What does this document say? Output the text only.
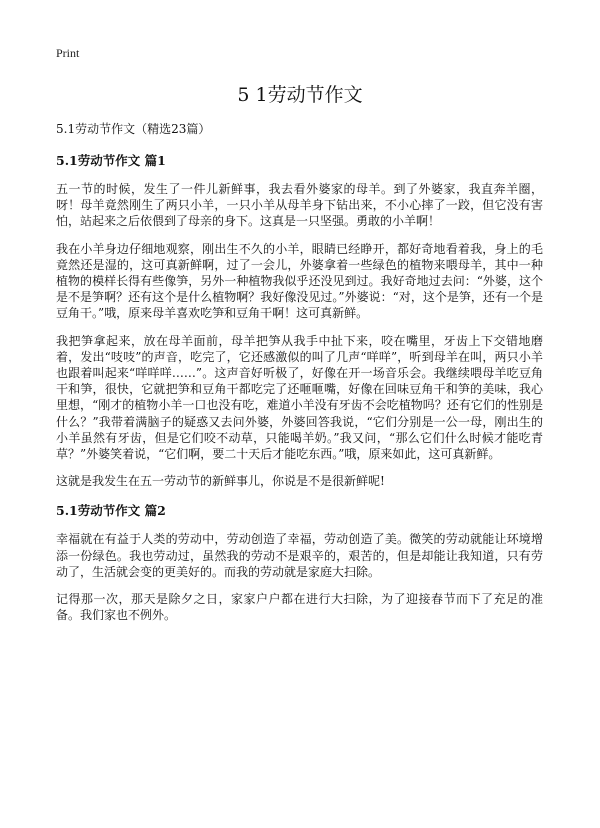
Print
5 1劳动节作文

5.1劳动节作文（精选23篇）

5.1劳动节作文 篇1

五一节的时候，发生了一件儿新鲜事，我去看外婆家的母羊。到了外婆家，我直奔羊圈，呀！母羊竟然刚生了两只小羊，一只小羊从母羊身下钻出来，不小心摔了一跤，但它没有害怕，站起来之后依偎到了母亲的身下。这真是一只坚强。勇敢的小羊啊！

我在小羊身边仔细地观察，刚出生不久的小羊，眼睛已经睁开，都好奇地看着我，身上的毛竟然还是湿的，这可真新鲜啊，过了一会儿，外婆拿着一些绿色的植物来喂母羊，其中一种植物的模样长得有些像笋，另外一种植物我似乎还没见到过。我好奇地过去问：“外婆，这个是不是笋啊？还有这个是什么植物啊？我好像没见过。”外婆说：“对，这个是笋，还有一个是豆角干。”哦，原来母羊喜欢吃笋和豆角干啊！这可真新鲜。

我把笋拿起来，放在母羊面前，母羊把笋从我手中扯下来，咬在嘴里，牙齿上下交错地磨着，发出“吱吱”的声音，吃完了，它还感激似的叫了几声“咩咩”，听到母羊在叫，两只小羊也跟着叫起来“咩咩咩……”。这声音好听极了，好像在开一场音乐会。我继续喂母羊吃豆角干和笋，很快，它就把笋和豆角干都吃完了还咂咂嘴，好像在回味豆角干和笋的美味，我心里想，“刚才的植物小羊一口也没有吃，难道小羊没有牙齿不会吃植物吗？还有它们的性别是什么？”我带着满脑子的疑惑又去问外婆，外婆回答我说，“它们分别是一公一母，刚出生的小羊虽然有牙齿，但是它们咬不动草，只能喝羊奶。”我又问，“那么它们什么时候才能吃青草？”外婆笑着说，“它们啊，要二十天后才能吃东西。”哦，原来如此，这可真新鲜。

这就是我发生在五一劳动节的新鲜事儿，你说是不是很新鲜呢!

5.1劳动节作文 篇2

幸福就在有益于人类的劳动中，劳动创造了幸福，劳动创造了美。微笑的劳动就能让环境增添一份绿色。我也劳动过，虽然我的劳动不是艰辛的，艰苦的，但是却能让我知道，只有劳动了，生活就会变的更美好的。而我的劳动就是家庭大扫除。

记得那一次，那天是除夕之日，家家户户都在进行大扫除，为了迎接春节而下了充足的准备。我们家也不例外。
